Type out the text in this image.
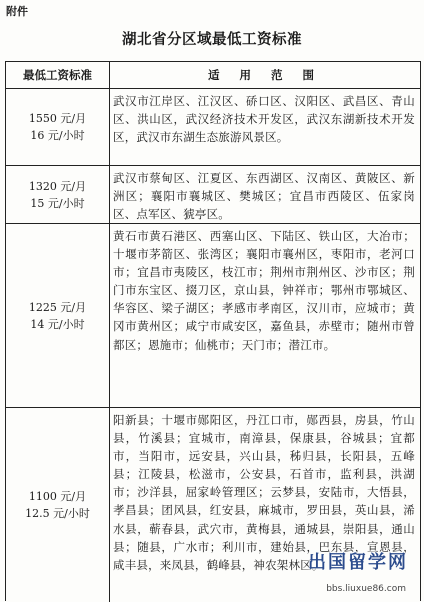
附件
湖北省分区域最低工资标准
最低工资标准	适 用 范 围
1550 元/月
16 元/小时
武汉市江岸区、江汉区、硚口区、汉阳区、武昌区、青山区、洪山区，武汉经济技术开发区，武汉东湖新技术开发区，武汉市东湖生态旅游风景区。
1320 元/月
15 元/小时
武汉市蔡甸区、江夏区、东西湖区、汉南区、黄陂区、新洲区；襄阳市襄城区、樊城区；宜昌市西陵区、伍家岗区、点军区、猇亭区。
1225 元/月
14 元/小时
黄石市黄石港区、西塞山区、下陆区、铁山区，大冶市；十堰市茅箭区、张湾区；襄阳市襄州区，枣阳市，老河口市；宜昌市夷陵区，枝江市；荆州市荆州区、沙市区；荆门市东宝区、掇刀区，京山县，钟祥市；鄂州市鄂城区、华容区、梁子湖区；孝感市孝南区，汉川市，应城市；黄冈市黄州区；咸宁市咸安区，嘉鱼县，赤壁市；随州市曾都区；恩施市；仙桃市；天门市；潜江市。
1100 元/月
12.5 元/小时
阳新县；十堰市郧阳区，丹江口市，郧西县，房县，竹山县，竹溪县；宜城市，南漳县，保康县，谷城县；宜都市，当阳市，远安县，兴山县，秭归县，长阳县，五峰县；江陵县，松滋市，公安县，石首市，监利县，洪湖市；沙洋县，屈家岭管理区；云梦县，安陆市，大悟县，孝昌县；团风县，红安县，麻城市，罗田县，英山县，浠水县，蕲春县，武穴市，黄梅县，通城县，崇阳县，通山县；随县，广水市；利川市，建始县，巴东县，宣恩县，咸丰县，来凤县，鹤峰县，神农架林区。
出国留学网
bbs.liuxue86.com
